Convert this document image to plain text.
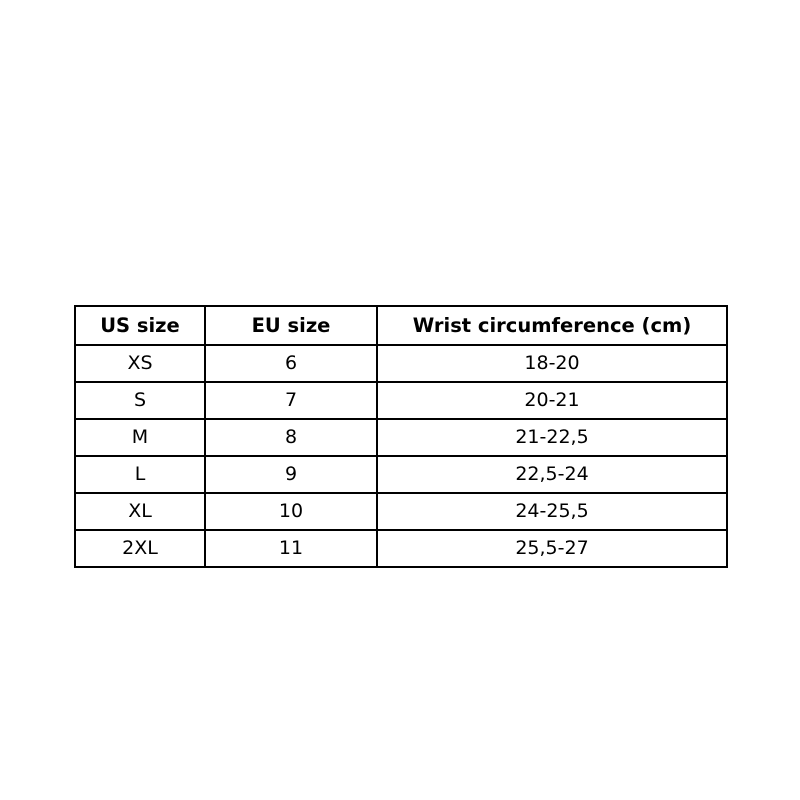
US size	EU size	Wrist circumference (cm)
XS	6	18-20
S	7	20-21
M	8	21-22,5
L	9	22,5-24
XL	10	24-25,5
2XL	11	25,5-27
